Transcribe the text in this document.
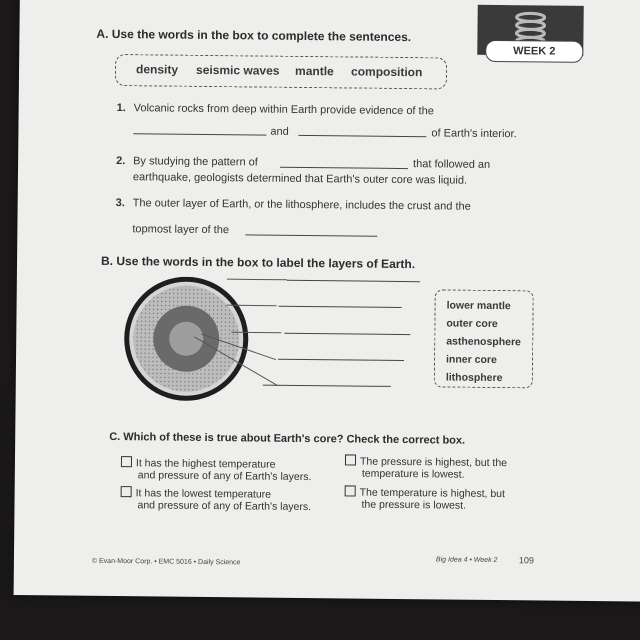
WEEK 2
A. Use the words in the box to complete the sentences.
density seismic waves mantle composition
1. Volcanic rocks from deep within Earth provide evidence of the
and	of Earth's interior.
2. By studying the pattern of	that followed an
earthquake, geologists determined that Earth's outer core was liquid.
3. The outer layer of Earth, or the lithosphere, includes the crust and the
topmost layer of the
B. Use the words in the box to label the layers of Earth.
lower mantle
outer core
asthenosphere
inner core
lithosphere
C. Which of these is true about Earth's core? Check the correct box.
It has the highest temperature
and pressure of any of Earth's layers.
The pressure is highest, but the
temperature is lowest.
It has the lowest temperature
and pressure of any of Earth's layers.
The temperature is highest, but
the pressure is lowest.
© Evan-Moor Corp. • EMC 5016 • Daily Science	Big Idea 4 • Week 2 109
